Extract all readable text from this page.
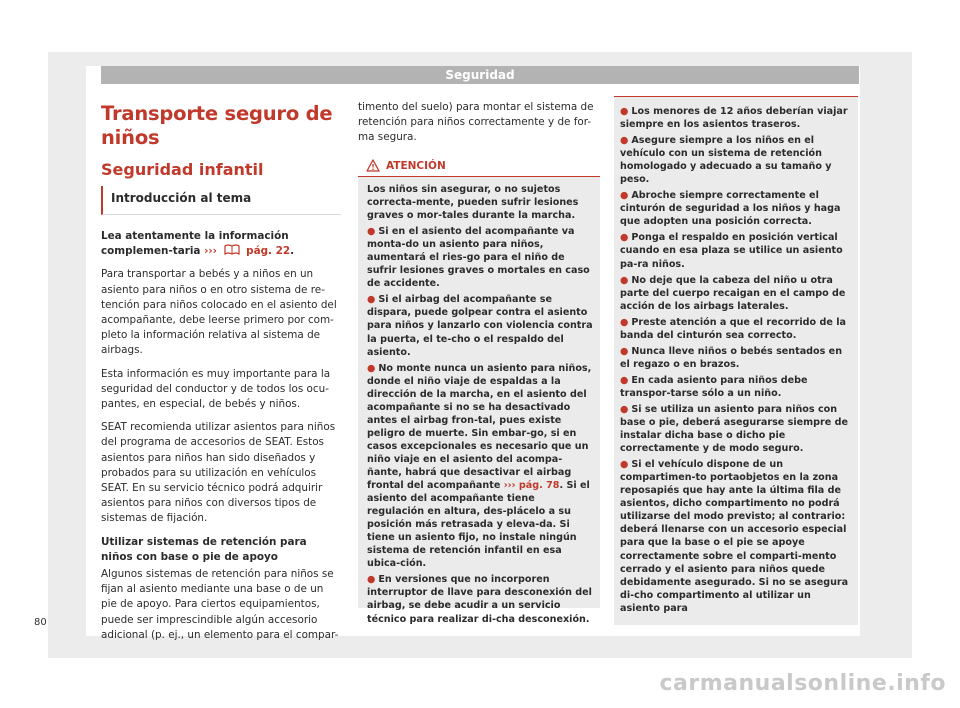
Seguridad
Transporte seguro de niños
Seguridad infantil
Introducción al tema

Lea atentamente la información complemen-taria ›››	pág. 22.

Para transportar a bebés y a niños en un asiento para niños o en otro sistema de re-tención para niños colocado en el asiento del acompañante, debe leerse primero por com-pleto la información relativa al sistema de airbags.

Esta información es muy importante para la seguridad del conductor y de todos los ocu-pantes, en especial, de bebés y niños.

SEAT recomienda utilizar asientos para niños del programa de accesorios de SEAT. Estos asientos para niños han sido diseñados y probados para su utilización en vehículos SEAT. En su servicio técnico podrá adquirir asientos para niños con diversos tipos de sistemas de fijación.

Utilizar sistemas de retención para niños con base o pie de apoyo

Algunos sistemas de retención para niños se fijan al asiento mediante una base o de un pie de apoyo. Para ciertos equipamientos, puede ser imprescindible algún accesorio adicional (p. ej., un elemento para el compar-

timento del suelo) para montar el sistema de retención para niños correctamente y de for-ma segura.

ATENCIÓN

Los niños sin asegurar, o no sujetos correcta-mente, pueden sufrir lesiones graves o mor-tales durante la marcha.

● Si en el asiento del acompañante va monta-do un asiento para niños, aumentará el ries-go para el niño de sufrir lesiones graves o mortales en caso de accidente.

● Si el airbag del acompañante se dispara, puede golpear contra el asiento para niños y lanzarlo con violencia contra la puerta, el te-cho o el respaldo del asiento.

● No monte nunca un asiento para niños, donde el niño viaje de espaldas a la dirección de la marcha, en el asiento del acompañante si no se ha desactivado antes el airbag fron-tal, pues existe peligro de muerte. Sin embar-go, si en casos excepcionales es necesario que un niño viaje en el asiento del acompa-ñante, habrá que desactivar el airbag frontal del acompañante ››› pág. 78. Si el asiento del acompañante tiene regulación en altura, des-plácelo a su posición más retrasada y eleva-da. Si tiene un asiento fijo, no instale ningún sistema de retención infantil en esa ubica-ción.

● En versiones que no incorporen interruptor de llave para desconexión del airbag, se debe acudir a un servicio técnico para realizar di-cha desconexión.

● Los menores de 12 años deberían viajar siempre en los asientos traseros.

● Asegure siempre a los niños en el vehículo con un sistema de retención homologado y adecuado a su tamaño y peso.

● Abroche siempre correctamente el cinturón de seguridad a los niños y haga que adopten una posición correcta.

● Ponga el respaldo en posición vertical cuando en esa plaza se utilice un asiento pa-ra niños.

● No deje que la cabeza del niño u otra parte del cuerpo recaigan en el campo de acción de los airbags laterales.

● Preste atención a que el recorrido de la banda del cinturón sea correcto.

● Nunca lleve niños o bebés sentados en el regazo o en brazos.

● En cada asiento para niños debe transpor-tarse sólo a un niño.

● Si se utiliza un asiento para niños con base o pie, deberá asegurarse siempre de instalar dicha base o dicho pie correctamente y de modo seguro.

● Si el vehículo dispone de un compartimen-to portaobjetos en la zona reposapiés que hay ante la última fila de asientos, dicho compartimento no podrá utilizarse del modo previsto; al contrario: deberá llenarse con un accesorio especial para que la base o el pie se apoye correctamente sobre el comparti-mento cerrado y el asiento para niños quede debidamente asegurado. Si no se asegura di-cho compartimento al utilizar un asiento para

80
carmanualsonline.info
